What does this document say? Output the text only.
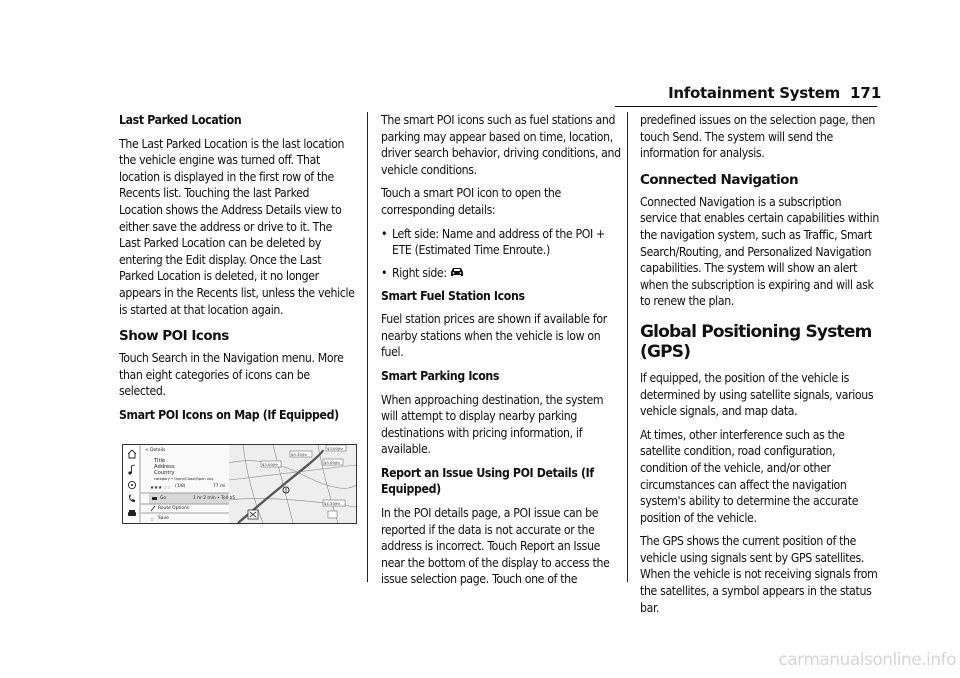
Infotainment System 171

Last Parked Location

The Last Parked Location is the last location the vehicle engine was turned off. That location is displayed in the first row of the Recents list. Touching the last Parked Location shows the Address Details view to either save the address or drive to it. The Last Parked Location can be deleted by entering the Edit display. Once the Last Parked Location is deleted, it no longer appears in the Recents list, unless the vehicle is started at that location again.

Show POI Icons

Touch Search in the Navigation menu. More than eight categories of icons can be selected.

Smart POI Icons on Map (If Equipped)

★★★ ☆☆
☆
< Details
Title
Address
Country
category • Open/Close/Open xxx
(1/8)	77 mi
Go	1 hr 2 min • Toll $5
Route Options
Save
$3.00/hr
$3.30/hr
$3.00/hr
$3.00/hr
$4.30/hr

The smart POI icons such as fuel stations and parking may appear based on time, location, driver search behavior, driving conditions, and vehicle conditions.

Touch a smart POI icon to open the corresponding details:

• Left side: Name and address of the POI + ETE (Estimated Time Enroute.)
• Right side:

Smart Fuel Station Icons

Fuel station prices are shown if available for nearby stations when the vehicle is low on fuel.

Smart Parking Icons

When approaching destination, the system will attempt to display nearby parking destinations with pricing information, if available.

Report an Issue Using POI Details (If Equipped)

In the POI details page, a POI issue can be reported if the data is not accurate or the address is incorrect. Touch Report an Issue near the bottom of the display to access the issue selection page. Touch one of the

predefined issues on the selection page, then touch Send. The system will send the information for analysis.

Connected Navigation

Connected Navigation is a subscription service that enables certain capabilities within the navigation system, such as Traffic, Smart Search/Routing, and Personalized Navigation capabilities. The system will show an alert when the subscription is expiring and will ask to renew the plan.

Global Positioning System (GPS)

If equipped, the position of the vehicle is determined by using satellite signals, various vehicle signals, and map data.

At times, other interference such as the satellite condition, road configuration, condition of the vehicle, and/or other circumstances can affect the navigation system's ability to determine the accurate position of the vehicle.

The GPS shows the current position of the vehicle using signals sent by GPS satellites. When the vehicle is not receiving signals from the satellites, a symbol appears in the status bar.

carmanualsonline.info
